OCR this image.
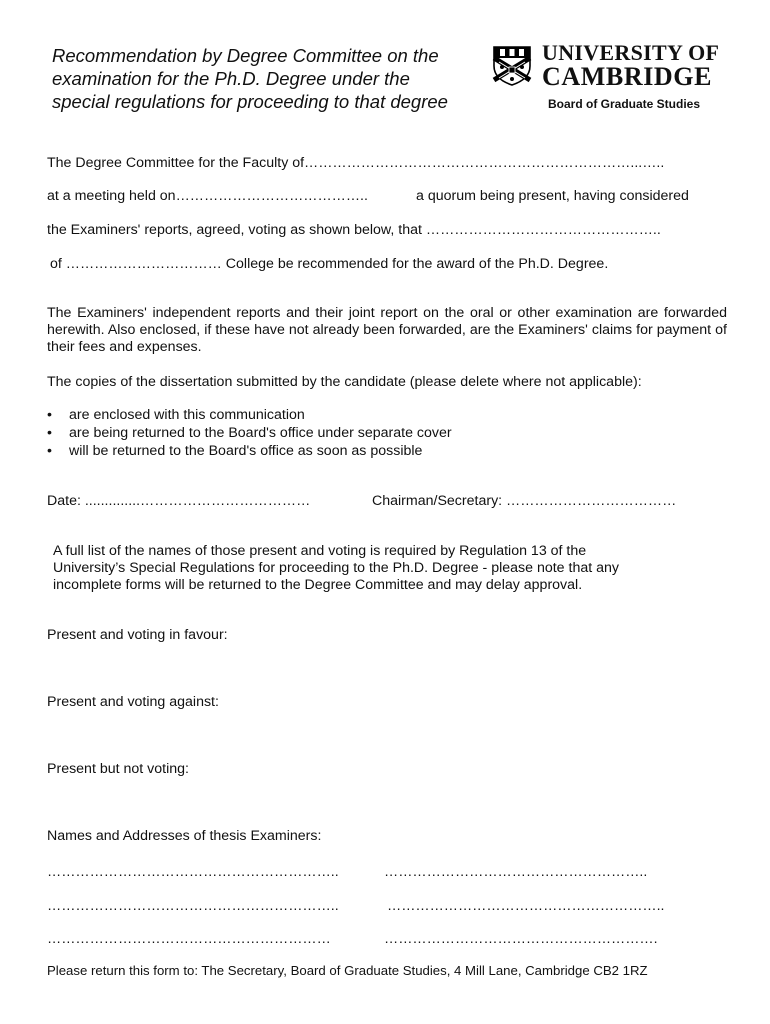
Recommendation by Degree Committee on the
examination for the Ph.D. Degree under the
special regulations for proceeding to that degree
UNIVERSITY OF
CAMBRIDGE
Board of Graduate Studies
The Degree Committee for the Faculty of……………………………………………………………...…..
at a meeting held on…………………………………..	a quorum being present, having considered
the Examiners' reports, agreed, voting as shown below, that …………………………………………..
of …………………………… College be recommended for the award of the Ph.D. Degree.
The Examiners' independent reports and their joint report on the oral or other examination are forwarded herewith. Also enclosed, if these have not already been forwarded, are the Examiners' claims for payment of their fees and expenses.
The copies of the dissertation submitted by the candidate (please delete where not applicable):
• are enclosed with this communication
• are being returned to the Board's office under separate cover
• will be returned to the Board's office as soon as possible
Date: ..............………………………………	Chairman/Secretary: ………………………………
A full list of the names of those present and voting is required by Regulation 13 of the
University’s Special Regulations for proceeding to the Ph.D. Degree - please note that any
incomplete forms will be returned to the Degree Committee and may delay approval.
Present and voting in favour:
Present and voting against:
Present but not voting:
Names and Addresses of thesis Examiners:
……………………………………………………..	………………………………………………..
……………………………………………………..	…………………………………………………..
……………………………………………………	………………………………………………….
Please return this form to: The Secretary, Board of Graduate Studies, 4 Mill Lane, Cambridge CB2 1RZ
